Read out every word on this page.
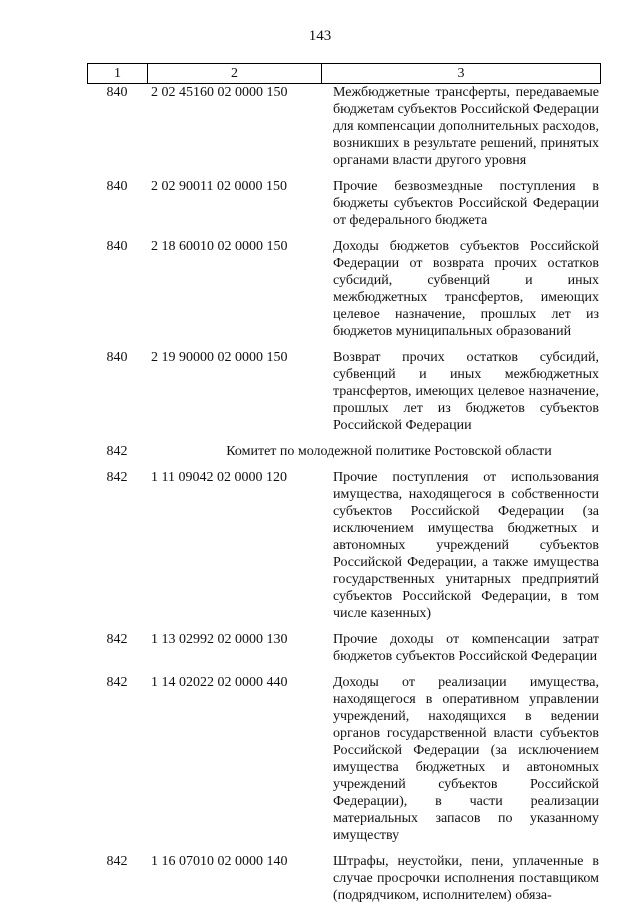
143
1	2	3
840	2 02 45160 02 0000 150	Межбюджетные трансферты, передаваемые бюджетам субъектов Российской Федерации для компенсации дополнительных расходов, возникших в результате решений, принятых органами власти другого уровня
840	2 02 90011 02 0000 150	Прочие безвозмездные поступления в бюджеты субъектов Российской Федерации от федерального бюджета
840	2 18 60010 02 0000 150	Доходы бюджетов субъектов Российской Федерации от возврата прочих остатков субсидий, субвенций и иных межбюджетных трансфертов, имеющих целевое назначение, прошлых лет из бюджетов муниципальных образований
840	2 19 90000 02 0000 150	Возврат прочих остатков субсидий, субвенций и иных межбюджетных трансфертов, имеющих целевое назначение, прошлых лет из бюджетов субъектов Российской Федерации
842	Комитет по молодежной политике Ростовской области
842	1 11 09042 02 0000 120	Прочие поступления от использования имущества, находящегося в собственности субъектов Российской Федерации (за исключением имущества бюджетных и автономных учреждений субъектов Российской Федерации, а также имущества государственных унитарных предприятий субъектов Российской Федерации, в том числе казенных)
842	1 13 02992 02 0000 130	Прочие доходы от компенсации затрат бюджетов субъектов Российской Федерации
842	1 14 02022 02 0000 440	Доходы от реализации имущества, находящегося в оперативном управлении учреждений, находящихся в ведении органов государственной власти субъектов Российской Федерации (за исключением имущества бюджетных и автономных учреждений субъектов Российской Федерации), в части реализации материальных запасов по указанному имуществу
842	1 16 07010 02 0000 140	Штрафы, неустойки, пени, уплаченные в случае просрочки исполнения поставщиком (подрядчиком, исполнителем) обяза-
